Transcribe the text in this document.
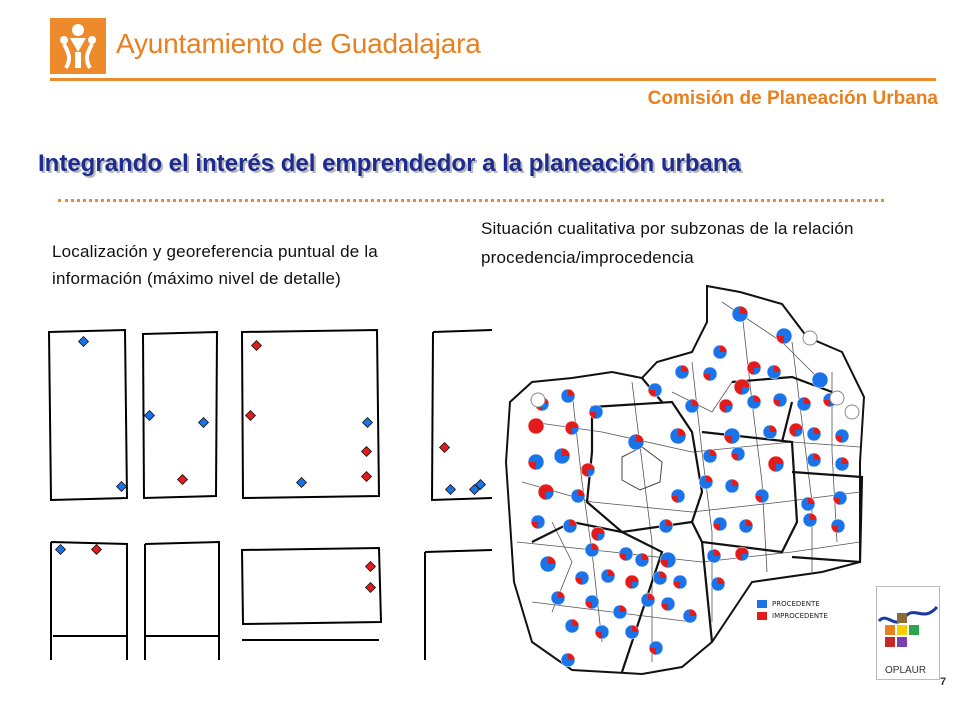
Ayuntamiento de Guadalajara
Comisión de Planeación Urbana
Integrando el interés del emprendedor a la planeación urbana
Localización y georeferencia puntual de la información (máximo nivel de detalle)
Situación cualitativa por subzonas de la relación procedencia/improcedencia
PROCEDENTE
IMPROCEDENTE
OPLAUR
7
